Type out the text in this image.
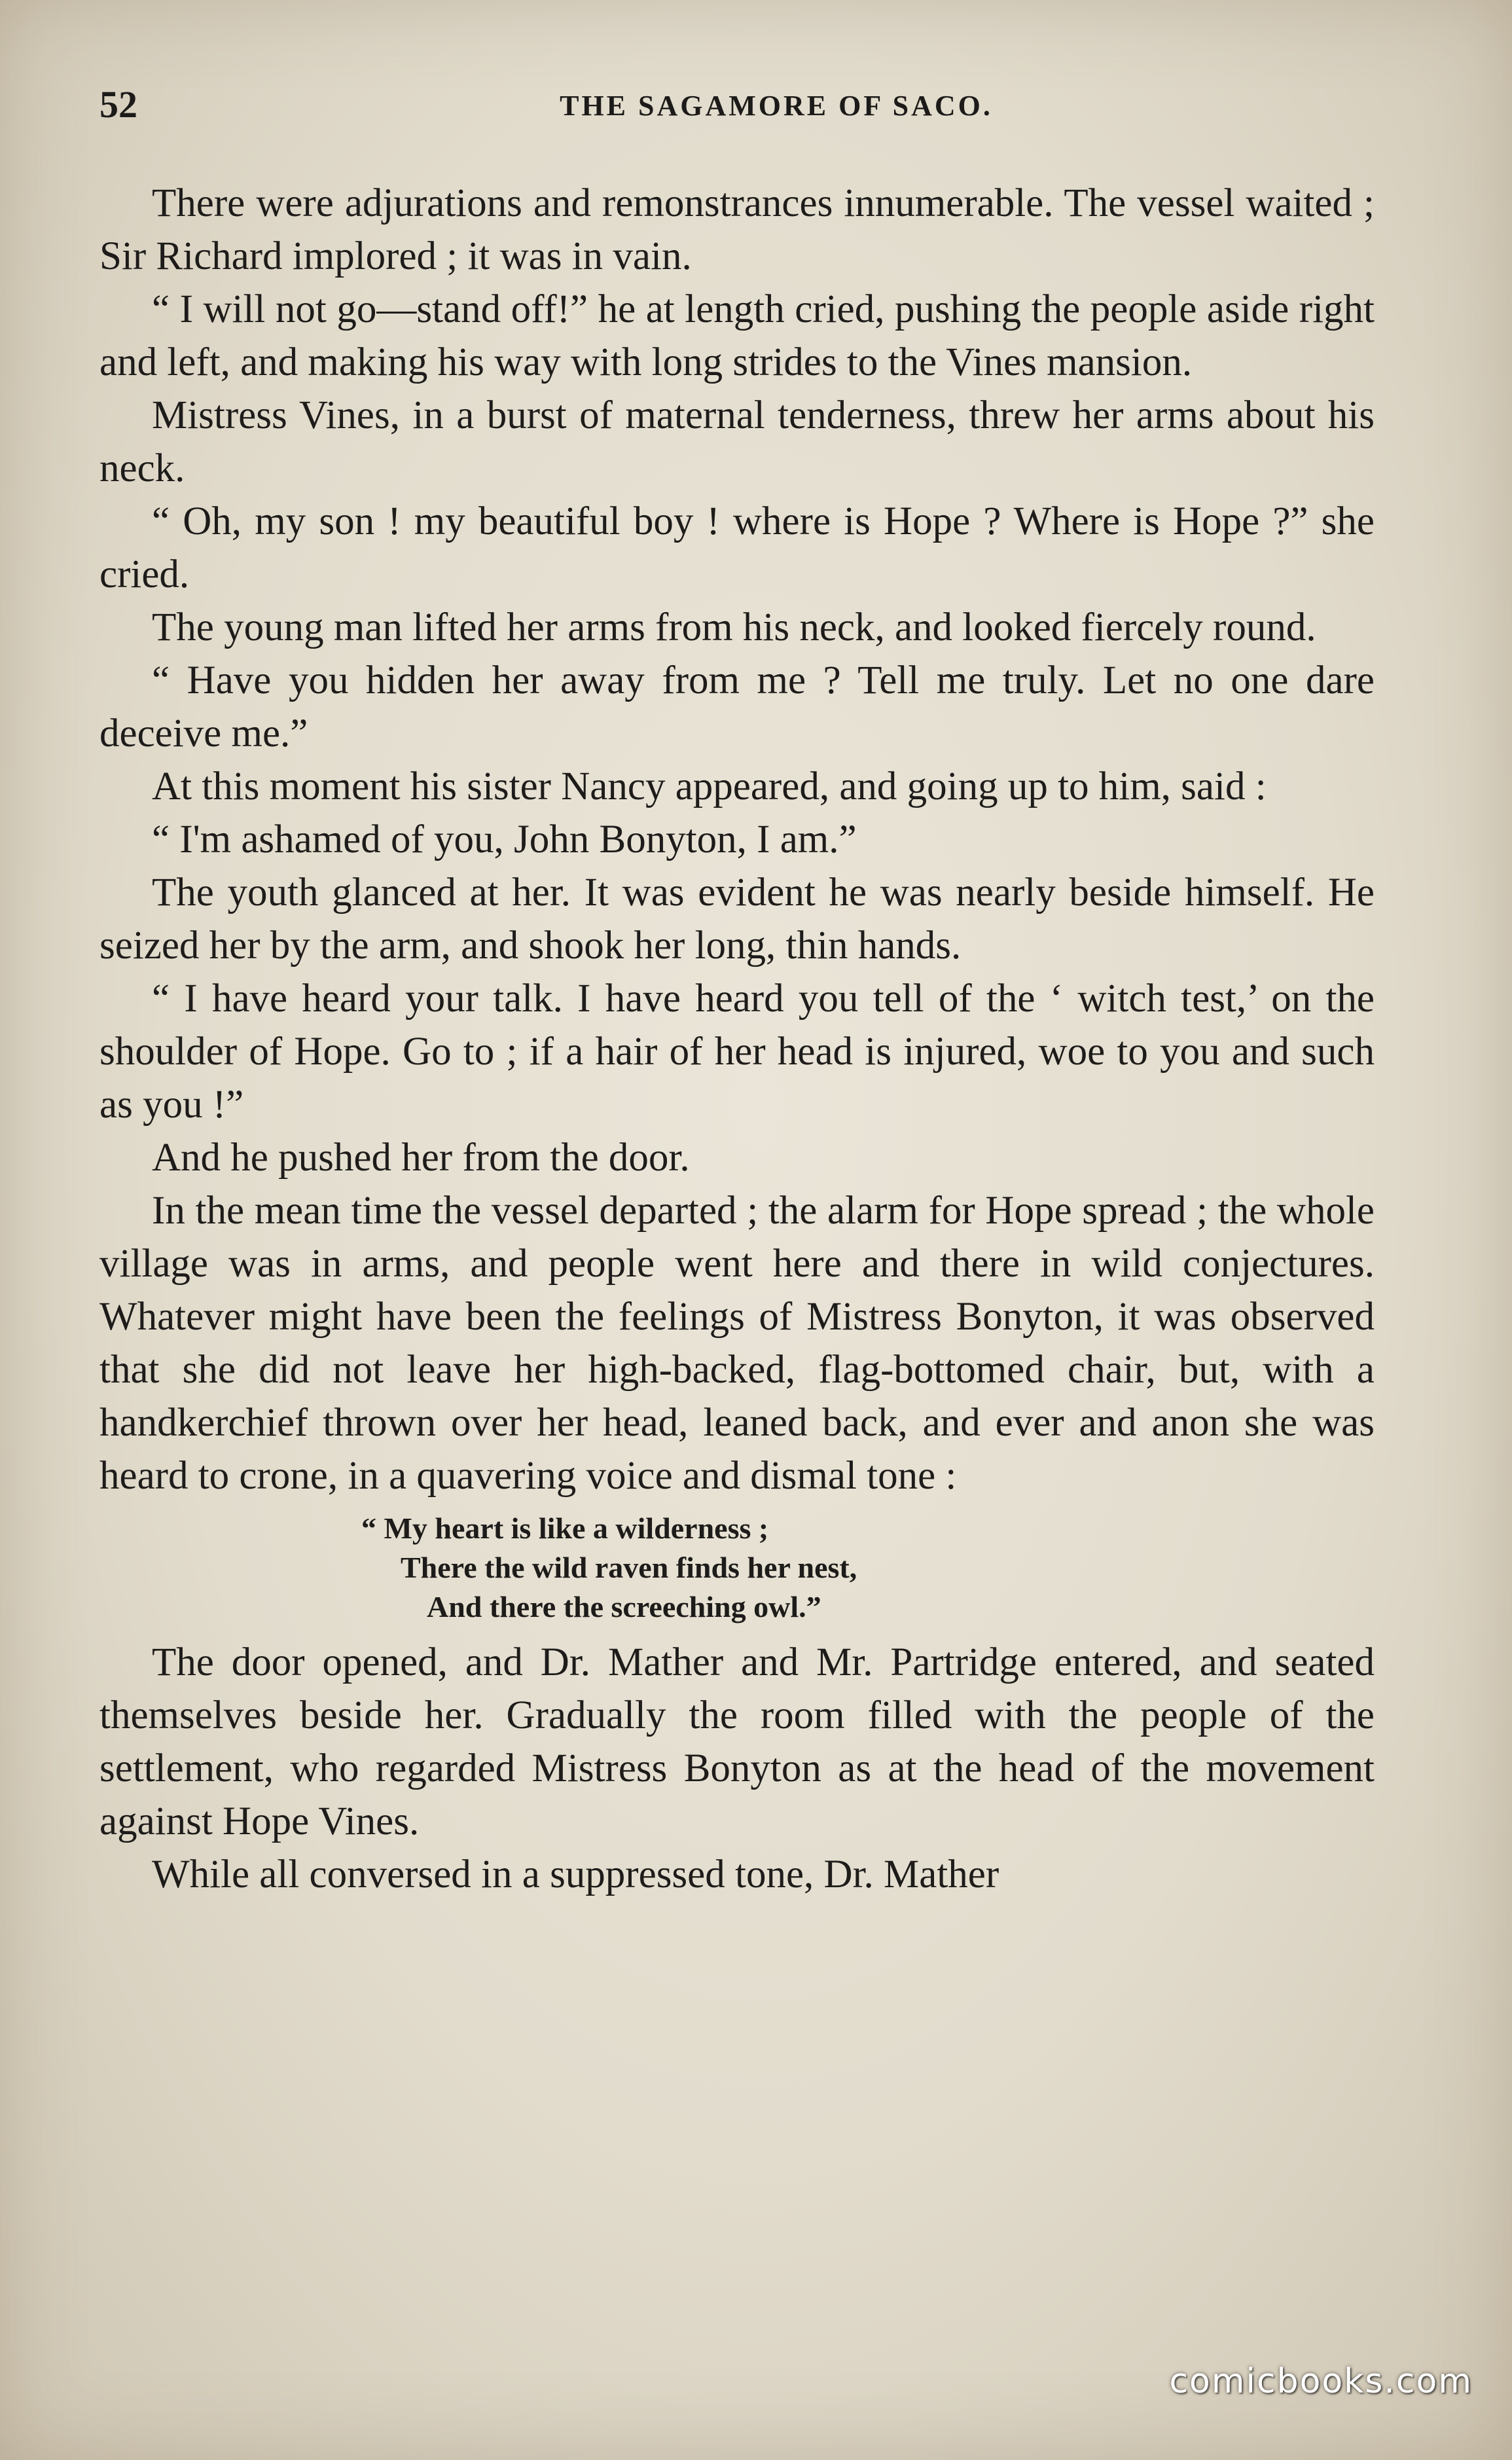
52	THE SAGAMORE OF SACO.

There were adjurations and remonstrances innumerable. The vessel waited ; Sir Richard implored ; it was in vain.

“ I will not go—stand off!” he at length cried, pushing the people aside right and left, and making his way with long strides to the Vines mansion.

Mistress Vines, in a burst of maternal tenderness, threw her arms about his neck.

“ Oh, my son ! my beautiful boy ! where is Hope ? Where is Hope ?” she cried.

The young man lifted her arms from his neck, and looked fiercely round.

“ Have you hidden her away from me ? Tell me truly. Let no one dare deceive me.”

At this moment his sister Nancy appeared, and going up to him, said :

“ I'm ashamed of you, John Bonyton, I am.”

The youth glanced at her. It was evident he was nearly beside himself. He seized her by the arm, and shook her long, thin hands.

“ I have heard your talk. I have heard you tell of the ‘ witch test,’ on the shoulder of Hope. Go to ; if a hair of her head is injured, woe to you and such as you !”

And he pushed her from the door.

In the mean time the vessel departed ; the alarm for Hope spread ; the whole village was in arms, and people went here and there in wild conjectures. Whatever might have been the feelings of Mistress Bonyton, it was observed that she did not leave her high-backed, flag-bottomed chair, but, with a handkerchief thrown over her head, leaned back, and ever and anon she was heard to crone, in a quavering voice and dismal tone :

“ My heart is like a wilderness ;
There the wild raven finds her nest,
And there the screeching owl.”

The door opened, and Dr. Mather and Mr. Partridge entered, and seated themselves beside her. Gradually the room filled with the people of the settlement, who regarded Mistress Bonyton as at the head of the movement against Hope Vines.

While all conversed in a suppressed tone, Dr. Mather

comicbooks.com
